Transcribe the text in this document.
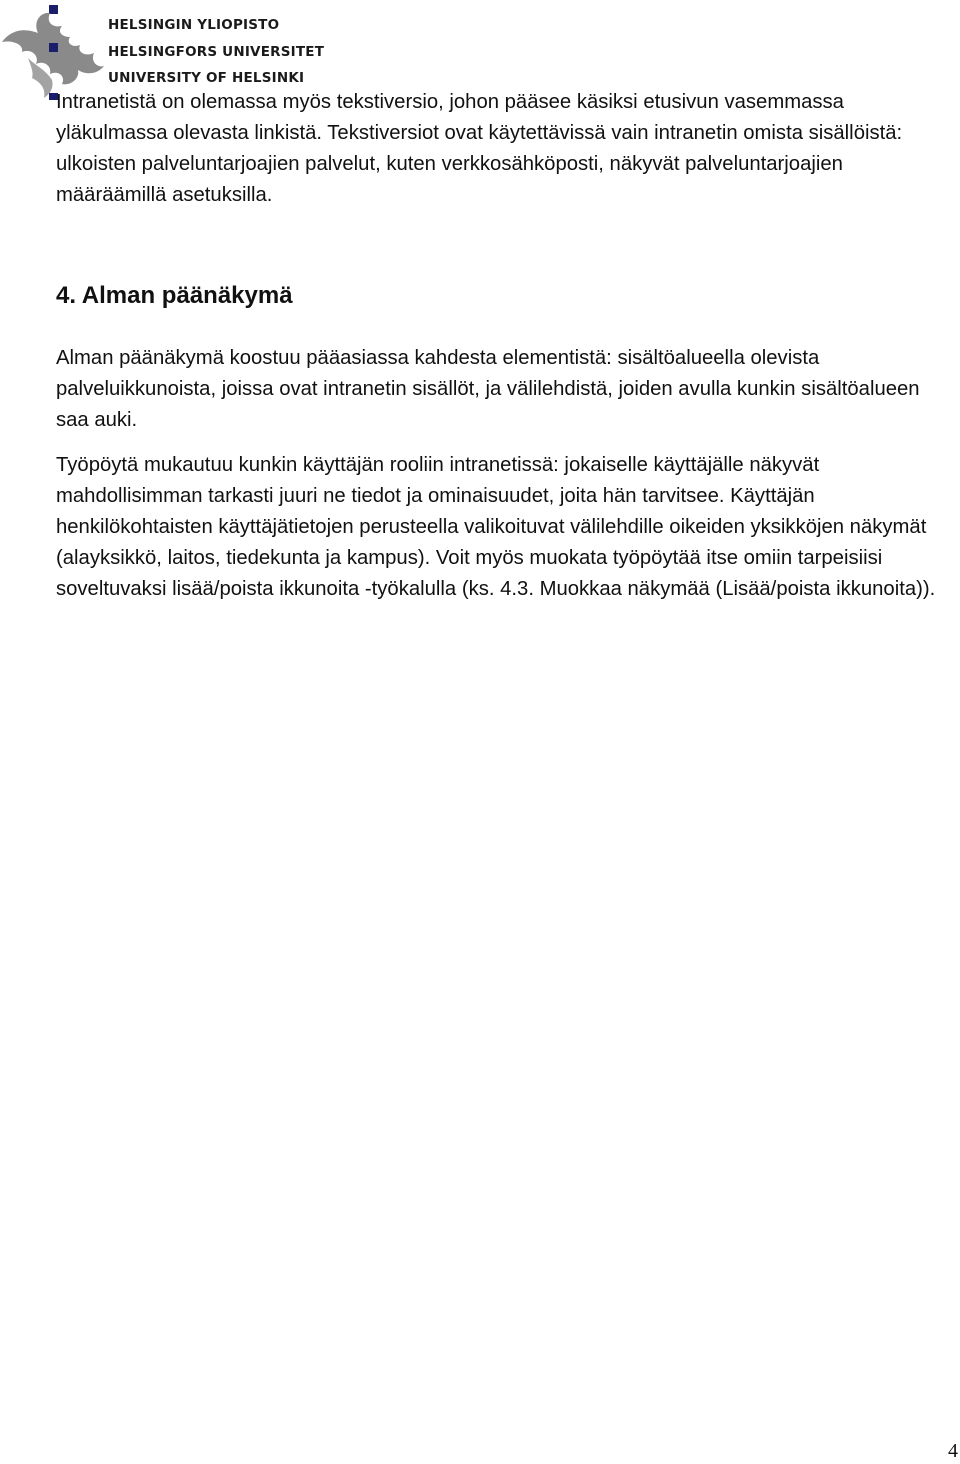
HELSINGIN YLIOPISTO
HELSINGFORS UNIVERSITET
UNIVERSITY OF HELSINKI

Intranetistä on olemassa myös tekstiversio, johon pääsee käsiksi etusivun vasemmassa yläkulmassa olevasta linkistä. Tekstiversiot ovat käytettävissä vain intranetin omista sisällöistä: ulkoisten palveluntarjoajien palvelut, kuten verkkosähköposti, näkyvät palveluntarjoajien määräämillä asetuksilla.

4. Alman päänäkymä

Alman päänäkymä koostuu pääasiassa kahdesta elementistä: sisältöalueella olevista palveluikkunoista, joissa ovat intranetin sisällöt, ja välilehdistä, joiden avulla kunkin sisältöalueen saa auki.

Työpöytä mukautuu kunkin käyttäjän rooliin intranetissä: jokaiselle käyttäjälle näkyvät mahdollisimman tarkasti juuri ne tiedot ja ominaisuudet, joita hän tarvitsee. Käyttäjän henkilökohtaisten käyttäjätietojen perusteella valikoituvat välilehdille oikeiden yksikköjen näkymät (alayksikkö, laitos, tiedekunta ja kampus). Voit myös muokata työpöytää itse omiin tarpeisiisi soveltuvaksi lisää/poista ikkunoita -työkalulla (ks. 4.3. Muokkaa näkymää (Lisää/poista ikkunoita)).

4
